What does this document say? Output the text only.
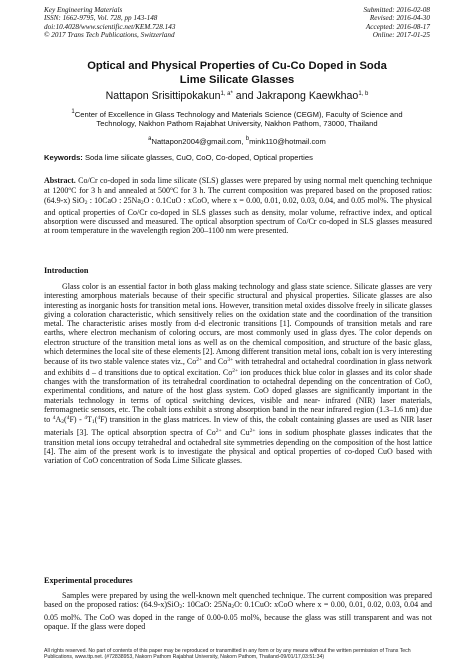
Key Engineering Materials
ISSN: 1662-9795, Vol. 728, pp 143-148
doi:10.4028/www.scientific.net/KEM.728.143
© 2017 Trans Tech Publications, Switzerland
Submitted: 2016-02-08
Revised: 2016-04-30
Accepted: 2016-08-17
Online: 2017-01-25
Optical and Physical Properties of Cu-Co Doped in Soda
Lime Silicate Glasses
Nattapon Srisittipokakun$^{1, a*}$ and Jakrapong Kaewkhao$^{1, b}$
$^1$Center of Excellence in Glass Technology and Materials Science (CEGM), Faculty of Science and
Technology, Nakhon Pathom Rajabhat University, Nakhon Pathom, 73000, Thailand
$^a$Nattapon2004@gmail.com, $^b$mink110@hotmail.com
Keywords: Soda lime silicate glasses, CuO, CoO, Co-doped, Optical properties
Abstract. Co/Cr co-doped in soda lime silicate (SLS) glasses were prepared by using normal melt quenching technique at 1200$^o$C for 3 h and annealed at 500$^o$C for 3 h. The current composition was prepared based on the proposed ratios: (64.9-x) SiO$_2$ : 10CaO : $25Na_2O$ : 0.1CuO : xCoO, where x = 0.00, 0.01, 0.02, 0.03, 0.04, and 0.05 mol%. The physical and optical properties of Co/Cr co-doped in SLS glasses such as density, molar volume, refractive index, and optical absorption were discussed and measured. The optical absorption spectrum of Co/Cr co-doped in SLS glasses measured at room temperature in the wavelength region 200–1100 nm were presented.
Introduction
Glass color is an essential factor in both glass making technology and glass state science. Silicate glasses are very interesting amorphous materials because of their specific structural and physical properties. Silicate glasses are also interesting as inorganic hosts for transition metal ions. However, transition metal oxides dissolve freely in silicate glasses giving a coloration characteristic, which sensitively relies on the oxidation state and the coordination of the transition metal. The characteristic arises mostly from d-d electronic transitions [1]. Compounds of transition metals and rare earths, where electron mechanism of coloring occurs, are most commonly used in glass dyes. The color depends on electron structure of the transition metal ions as well as on the chemical composition, and structure of the basic glass, which determines the local site of these elements [2]. Among different transition metal ions, cobalt ion is very interesting because of its two stable valence states viz., $Co^{2+}$ and $Co^{3+}$ with tetrahedral and octahedral coordination in glass network and exhibits d – d transitions due to optical excitation. $Co^{2+}$ ion produces thick blue color in glasses and its color shade changes with the transformation of its tetrahedral coordination to octahedral depending on the concentration of CoO, experimental conditions, and nature of the host glass system. CoO doped glasses are significantly important in the materials technology in terms of optical switching devices, visible and near- infrared (NIR) laser materials, ferromagnetic sensors, etc. The cobalt ions exhibit a strong absorption band in the near infrared region (1.3–1.6 nm) due to $^4A_2(^4F) - ^4T_1(^4F)$ transition in the glass matrices. In view of this, the cobalt containing glasses are used as NIR laser materials [3]. The optical absorption spectra of $Co^{2+}$ and $Cu^{2+}$ ions in sodium phosphate glasses indicates that the transition metal ions occupy tetrahedral and octahedral site symmetries depending on the composition of the host lattice [4]. The aim of the present work is to investigate the physical and optical properties of co-doped CuO based with variation of CoO concentration of Soda Lime Silicate glasses.
Experimental procedures
Samples were prepared by using the well-known melt quenched technique. The current composition was prepared based on the proposed ratios: (64.9-x)SiO$_2$: 10CaO: $25Na_2O$: 0.1CuO: xCoO where x = 0.00, 0.01, 0.02, 0.03, 0.04 and 0.05 mol%. The CoO was doped in the range of 0.00-0.05 mol%, because the glass was still transparent and was not opaque. If the glass were doped
All rights reserved. No part of contents of this paper may be reproduced or transmitted in any form or by any means without the written permission of Trans Tech Publications, www.ttp.net. (#72838953, Nakorn Pathom Rajabhat University, Nakorn Pathom, Thailand-09/01/17,03:51:34)
